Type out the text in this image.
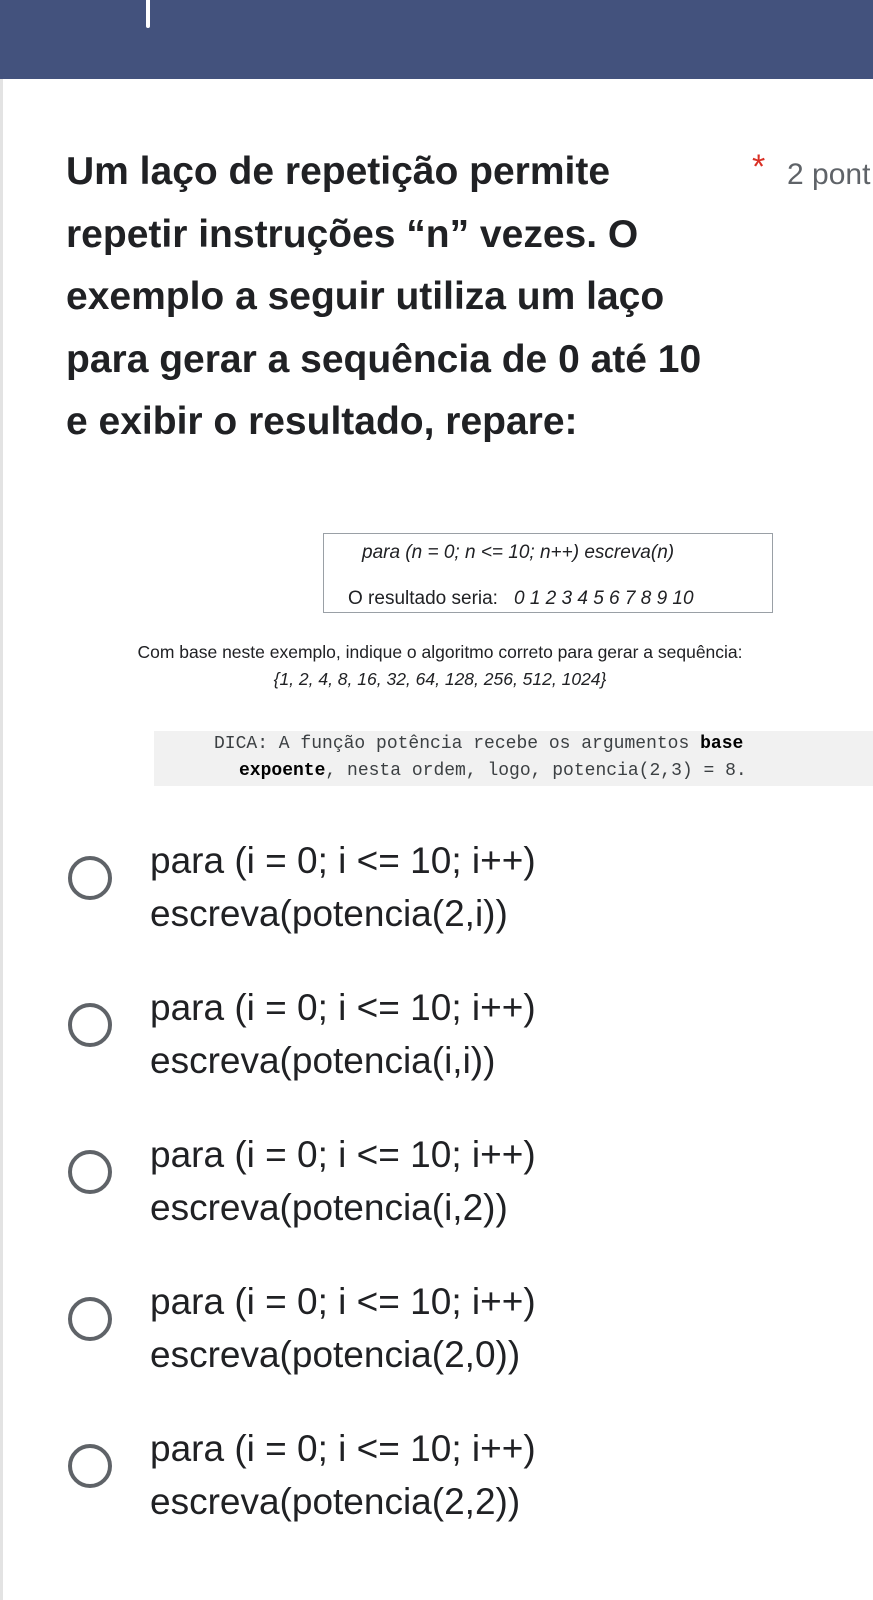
Um laço de repetição permite repetir instruções “n” vezes. O exemplo a seguir utiliza um laço para gerar a sequência de 0 até 10 e exibir o resultado, repare:
* 2 pont
para (n = 0; n <= 10; n++) escreva(n)
O resultado seria: 0 1 2 3 4 5 6 7 8 9 10
Com base neste exemplo, indique o algoritmo correto para gerar a sequência:
{1, 2, 4, 8, 16, 32, 64, 128, 256, 512, 1024}
DICA: A função potência recebe os argumentos base
expoente, nesta ordem, logo, potencia(2,3) = 8.
para (i = 0; i <= 10; i++)
escreva(potencia(2,i))
para (i = 0; i <= 10; i++)
escreva(potencia(i,i))
para (i = 0; i <= 10; i++)
escreva(potencia(i,2))
para (i = 0; i <= 10; i++)
escreva(potencia(2,0))
para (i = 0; i <= 10; i++)
escreva(potencia(2,2))
